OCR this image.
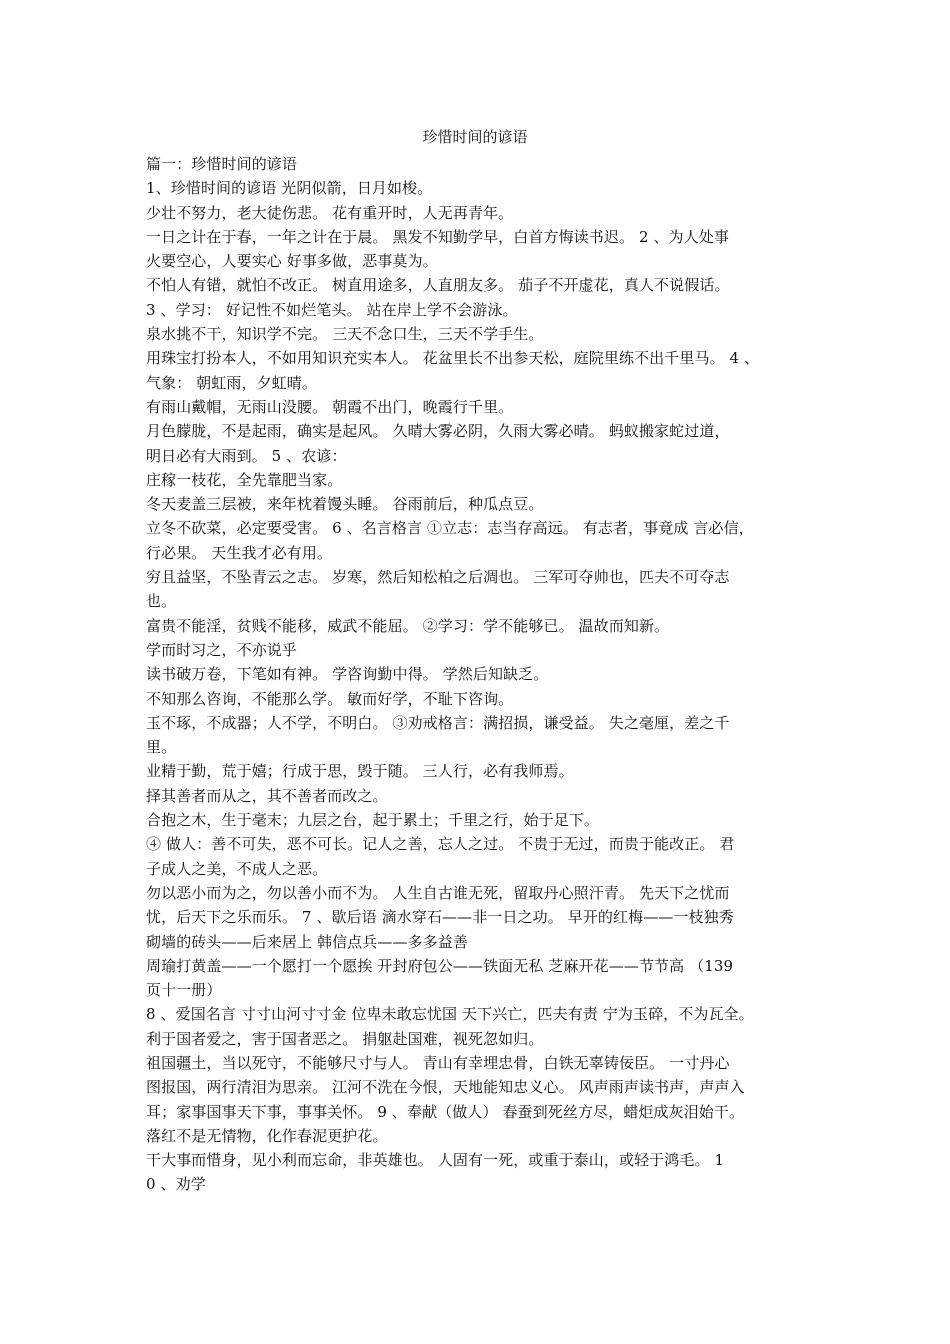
珍惜时间的谚语
篇一：珍惜时间的谚语
1、珍惜时间的谚语 光阴似箭，日月如梭。
少壮不努力，老大徒伤悲。 花有重开时，人无再青年。
一日之计在于春，一年之计在于晨。 黑发不知勤学早，白首方悔读书迟。 2 、为人处事
火要空心，人要实心 好事多做，恶事莫为。
不怕人有错，就怕不改正。 树直用途多，人直朋友多。 茄子不开虚花，真人不说假话。
3 、学习： 好记性不如烂笔头。 站在岸上学不会游泳。
泉水挑不干，知识学不完。 三天不念口生，三天不学手生。
用珠宝打扮本人，不如用知识充实本人。 花盆里长不出参天松，庭院里练不出千里马。 4 、
气象： 朝虹雨，夕虹晴。
有雨山戴帽，无雨山没腰。 朝霞不出门，晚霞行千里。
月色朦胧，不是起雨，确实是起风。 久晴大雾必阴，久雨大雾必晴。 蚂蚁搬家蛇过道，
明日必有大雨到。 5 、农谚：
庄稼一枝花，全先靠肥当家。
冬天麦盖三层被，来年枕着馒头睡。 谷雨前后，种瓜点豆。
立冬不砍菜，必定要受害。 6 、名言格言 ①立志：志当存高远。 有志者，事竟成 言必信，
行必果。 天生我才必有用。
穷且益坚，不坠青云之志。 岁寒，然后知松柏之后凋也。 三军可夺帅也，匹夫不可夺志
也。
富贵不能淫，贫贱不能移，威武不能屈。 ②学习：学不能够已。 温故而知新。
学而时习之，不亦说乎
读书破万卷，下笔如有神。 学咨询勤中得。 学然后知缺乏。
不知那么咨询，不能那么学。 敏而好学，不耻下咨询。
玉不琢，不成器；人不学，不明白。 ③劝戒格言：满招损，谦受益。 失之毫厘，差之千
里。
业精于勤，荒于嬉；行成于思，毁于随。 三人行，必有我师焉。
择其善者而从之，其不善者而改之。
合抱之木，生于毫末；九层之台，起于累土；千里之行，始于足下。
④ 做人：善不可失，恶不可长。记人之善，忘人之过。 不贵于无过，而贵于能改正。 君
子成人之美，不成人之恶。
勿以恶小而为之，勿以善小而不为。 人生自古谁无死，留取丹心照汗青。 先天下之忧而
忧，后天下之乐而乐。 7 、歇后语 滴水穿石——非一日之功。 早开的红梅——一枝独秀
砌墙的砖头——后来居上 韩信点兵——多多益善
周瑜打黄盖——一个愿打一个愿挨 开封府包公——铁面无私 芝麻开花——节节高 （139
页十一册）
8 、爱国名言 寸寸山河寸寸金 位卑未敢忘忧国 天下兴亡，匹夫有责 宁为玉碎，不为瓦全。
利于国者爱之，害于国者恶之。 捐躯赴国难，视死忽如归。
祖国疆土，当以死守，不能够尺寸与人。 青山有幸埋忠骨，白铁无辜铸佞臣。 一寸丹心
图报国，两行清泪为思亲。 江河不洗在今恨，天地能知忠义心。 风声雨声读书声，声声入
耳；家事国事天下事，事事关怀。 9 、奉献（做人） 春蚕到死丝方尽，蜡炬成灰泪始干。
落红不是无情物，化作春泥更护花。
干大事而惜身，见小利而忘命，非英雄也。 人固有一死，或重于泰山，或轻于鸿毛。 1
0 、劝学
